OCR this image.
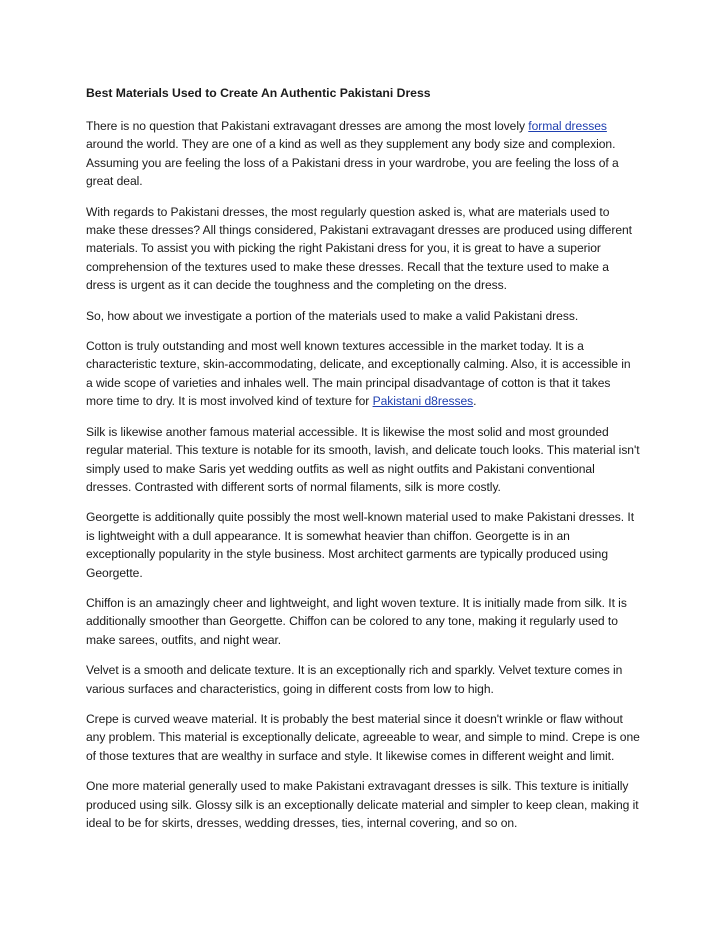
Best Materials Used to Create An Authentic Pakistani Dress

There is no question that Pakistani extravagant dresses are among the most lovely formal dresses around the world. They are one of a kind as well as they supplement any body size and complexion. Assuming you are feeling the loss of a Pakistani dress in your wardrobe, you are feeling the loss of a great deal.

With regards to Pakistani dresses, the most regularly question asked is, what are materials used to make these dresses? All things considered, Pakistani extravagant dresses are produced using different materials. To assist you with picking the right Pakistani dress for you, it is great to have a superior comprehension of the textures used to make these dresses. Recall that the texture used to make a dress is urgent as it can decide the toughness and the completing on the dress.

So, how about we investigate a portion of the materials used to make a valid Pakistani dress.

Cotton is truly outstanding and most well known textures accessible in the market today. It is a characteristic texture, skin-accommodating, delicate, and exceptionally calming. Also, it is accessible in a wide scope of varieties and inhales well. The main principal disadvantage of cotton is that it takes more time to dry. It is most involved kind of texture for Pakistani d8resses.

Silk is likewise another famous material accessible. It is likewise the most solid and most grounded regular material. This texture is notable for its smooth, lavish, and delicate touch looks. This material isn't simply used to make Saris yet wedding outfits as well as night outfits and Pakistani conventional dresses. Contrasted with different sorts of normal filaments, silk is more costly.

Georgette is additionally quite possibly the most well-known material used to make Pakistani dresses. It is lightweight with a dull appearance. It is somewhat heavier than chiffon. Georgette is in an exceptionally popularity in the style business. Most architect garments are typically produced using Georgette.

Chiffon is an amazingly cheer and lightweight, and light woven texture. It is initially made from silk. It is additionally smoother than Georgette. Chiffon can be colored to any tone, making it regularly used to make sarees, outfits, and night wear.

Velvet is a smooth and delicate texture. It is an exceptionally rich and sparkly. Velvet texture comes in various surfaces and characteristics, going in different costs from low to high.

Crepe is curved weave material. It is probably the best material since it doesn't wrinkle or flaw without any problem. This material is exceptionally delicate, agreeable to wear, and simple to mind. Crepe is one of those textures that are wealthy in surface and style. It likewise comes in different weight and limit.

One more material generally used to make Pakistani extravagant dresses is silk. This texture is initially produced using silk. Glossy silk is an exceptionally delicate material and simpler to keep clean, making it ideal to be for skirts, dresses, wedding dresses, ties, internal covering, and so on.
